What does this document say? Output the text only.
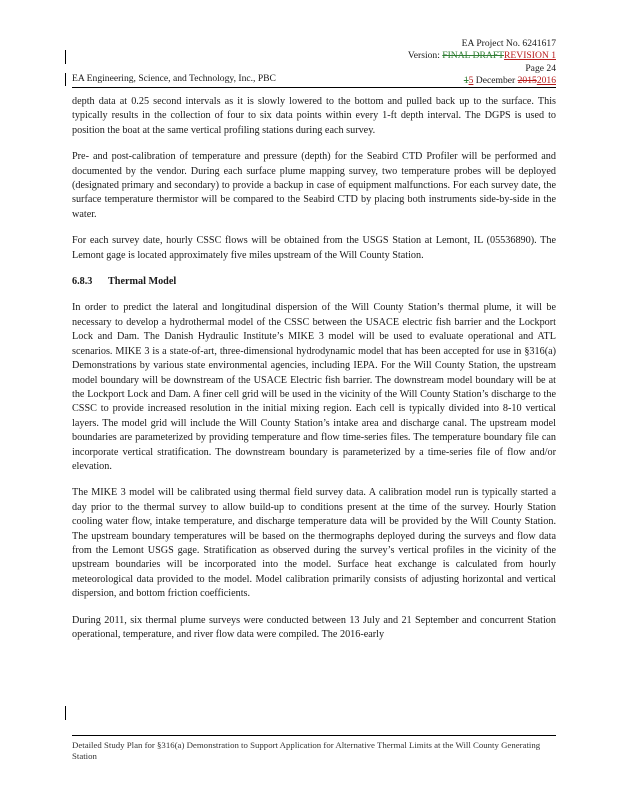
EA Project No. 6241617
Version: FINAL DRAFTREVISION 1
Page 24
15 December 20152016
EA Engineering, Science, and Technology, Inc., PBC

depth data at 0.25 second intervals as it is slowly lowered to the bottom and pulled back up to the surface. This typically results in the collection of four to six data points within every 1-ft depth interval. The DGPS is used to position the boat at the same vertical profiling stations during each survey.

Pre- and post-calibration of temperature and pressure (depth) for the Seabird CTD Profiler will be performed and documented by the vendor. During each surface plume mapping survey, two temperature probes will be deployed (designated primary and secondary) to provide a backup in case of equipment malfunctions. For each survey date, the surface temperature thermistor will be compared to the Seabird CTD by placing both instruments side-by-side in the water.

For each survey date, hourly CSSC flows will be obtained from the USGS Station at Lemont, IL (05536890). The Lemont gage is located approximately five miles upstream of the Will County Station.

6.8.3 Thermal Model

In order to predict the lateral and longitudinal dispersion of the Will County Station’s thermal plume, it will be necessary to develop a hydrothermal model of the CSSC between the USACE electric fish barrier and the Lockport Lock and Dam. The Danish Hydraulic Institute’s MIKE 3 model will be used to evaluate operational and ATL scenarios. MIKE 3 is a state-of-art, three-dimensional hydrodynamic model that has been accepted for use in §316(a) Demonstrations by various state environmental agencies, including IEPA. For the Will County Station, the upstream model boundary will be downstream of the USACE Electric fish barrier. The downstream model boundary will be at the Lockport Lock and Dam. A finer cell grid will be used in the vicinity of the Will County Station’s discharge to the CSSC to provide increased resolution in the initial mixing region. Each cell is typically divided into 8-10 vertical layers. The model grid will include the Will County Station’s intake area and discharge canal. The upstream model boundaries are parameterized by providing temperature and flow time-series files. The temperature boundary file can incorporate vertical stratification. The downstream boundary is parameterized by a time-series file of flow and/or elevation.

The MIKE 3 model will be calibrated using thermal field survey data. A calibration model run is typically started a day prior to the thermal survey to allow build-up to conditions present at the time of the survey. Hourly Station cooling water flow, intake temperature, and discharge temperature data will be provided by the Will County Station. The upstream boundary temperatures will be based on the thermographs deployed during the surveys and flow data from the Lemont USGS gage. Stratification as observed during the survey’s vertical profiles in the vicinity of the upstream boundaries will be incorporated into the model. Surface heat exchange is calculated from hourly meteorological data provided to the model. Model calibration primarily consists of adjusting horizontal and vertical dispersion, and bottom friction coefficients.

During 2011, six thermal plume surveys were conducted between 13 July and 21 September and concurrent Station operational, temperature, and river flow data were compiled. The 2016-early

Detailed Study Plan for §316(a) Demonstration to Support Application for Alternative Thermal Limits at the Will County Generating Station
